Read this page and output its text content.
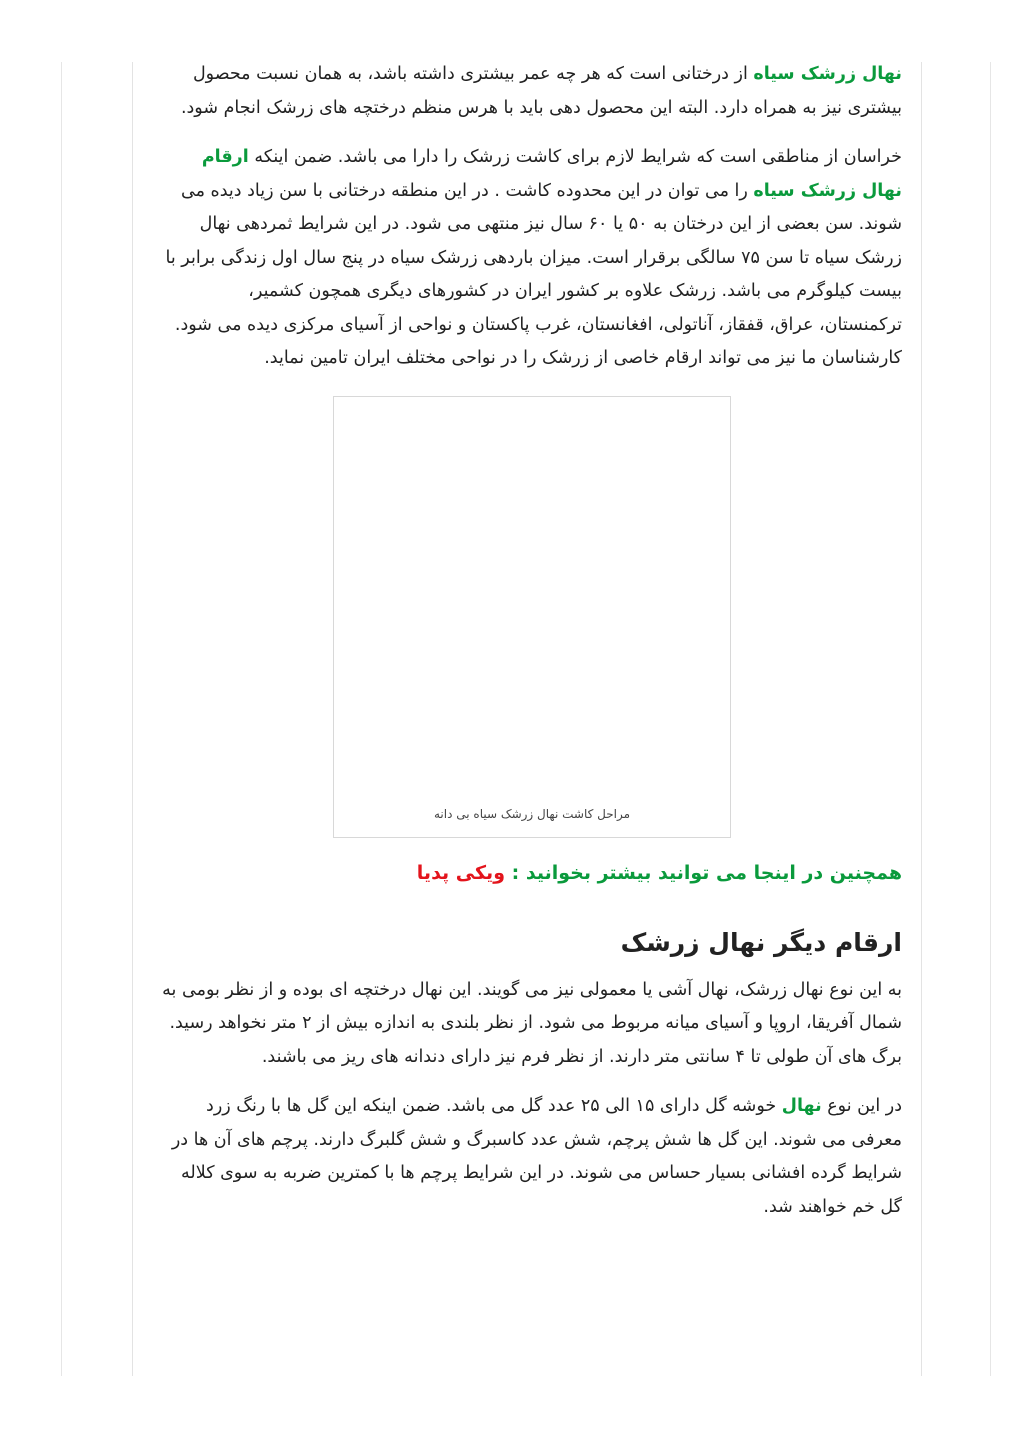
نهال زرشک سیاه از درختانی است که هر چه عمر بیشتری داشته باشد، به همان نسبت محصول بیشتری نیز به همراه دارد. البته این محصول دهی باید با هرس منظم درختچه های زرشک انجام شود.

خراسان از مناطقی است که شرایط لازم برای کاشت زرشک را دارا می باشد. ضمن اینکه ارقام نهال زرشک سیاه را می توان در این محدوده کاشت . در این منطقه درختانی با سن زیاد دیده می شوند. سن بعضی از این درختان به ۵۰ یا ۶۰ سال نیز منتهی می شود. در این شرایط ثمردهی نهال زرشک سیاه تا سن ۷۵ سالگی برقرار است. میزان باردهی زرشک سیاه در پنج سال اول زندگی برابر با بیست کیلوگرم می باشد. زرشک علاوه بر کشور ایران در کشورهای دیگری همچون کشمیر، ترکمنستان، عراق، قفقاز، آناتولی، افغانستان، غرب پاکستان و نواحی از آسیای مرکزی دیده می شود. کارشناسان ما نیز می تواند ارقام خاصی از زرشک را در نواحی مختلف ایران تامین نماید.

مراحل کاشت نهال زرشک سیاه بی دانه

همچنین در اینجا می توانید بیشتر بخوانید : ویکی پدیا

ارقام دیگر نهال زرشک

به این نوع نهال زرشک، نهال آشی یا معمولی نیز می گویند. این نهال درختچه ای بوده و از نظر بومی به شمال آفریقا، اروپا و آسیای میانه مربوط می شود. از نظر بلندی به اندازه بیش از ۲ متر نخواهد رسید. برگ های آن طولی تا ۴ سانتی متر دارند. از نظر فرم نیز دارای دندانه های ریز می باشند.

در این نوع نهال خوشه گل دارای ۱۵ الی ۲۵ عدد گل می باشد. ضمن اینکه این گل ها با رنگ زرد معرفی می شوند. این گل ها شش پرچم، شش عدد کاسبرگ و شش گلبرگ دارند. پرچم های آن ها در شرایط گرده افشانی بسیار حساس می شوند. در این شرایط پرچم ها با کمترین ضربه به سوی کلاله گل خم خواهند شد.
